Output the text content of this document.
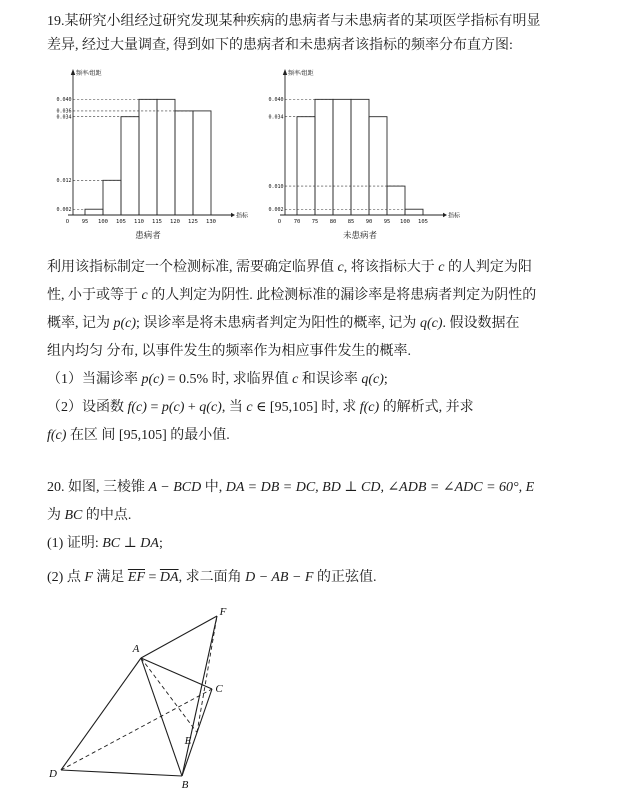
19.某研究小组经过研究发现某种疾病的患病者与未患病者的某项医学指标有明显

差异, 经过大量调查, 得到如下的患病者和未患病者该指标的频率分布直方图:

0.040
0.036
0.034
0.012
0.002
95 100 105 110 115 120 125 130
O
频率/组距
指标
患病者
0.040
0.034
0.010
0.002
70 75 80 85 90 95 100 105
O
频率/组距
指标
未患病者

利用该指标制定一个检测标准, 需要确定临界值 c, 将该指标大于 c 的人判定为阳

性, 小于或等于 c 的人判定为阴性. 此检测标准的漏诊率是将患病者判定为阴性的

概率, 记为 p(c); 误诊率是将未患病者判定为阳性的概率, 记为 q(c). 假设数据在

组内均匀 分布, 以事件发生的频率作为相应事件发生的概率.

（1）当漏诊率 p(c) = 0.5% 时, 求临界值 c 和误诊率 q(c);

（2）设函数 f(c) = p(c) + q(c), 当 c ∈ [95,105] 时, 求 f(c) 的解析式, 并求

f(c) 在区 间 [95,105] 的最小值.

20. 如图, 三棱锥 A − BCD 中, DA = DB = DC, BD ⊥ CD, ∠ADB = ∠ADC = 60°, E

为 BC 的中点.

(1) 证明: BC ⊥ DA;

(2) 点 F 满足 $\overline{EF} = \overline{DA}$, 求二面角 D − AB − F 的正弦值.

A
B
C
D
E
F
